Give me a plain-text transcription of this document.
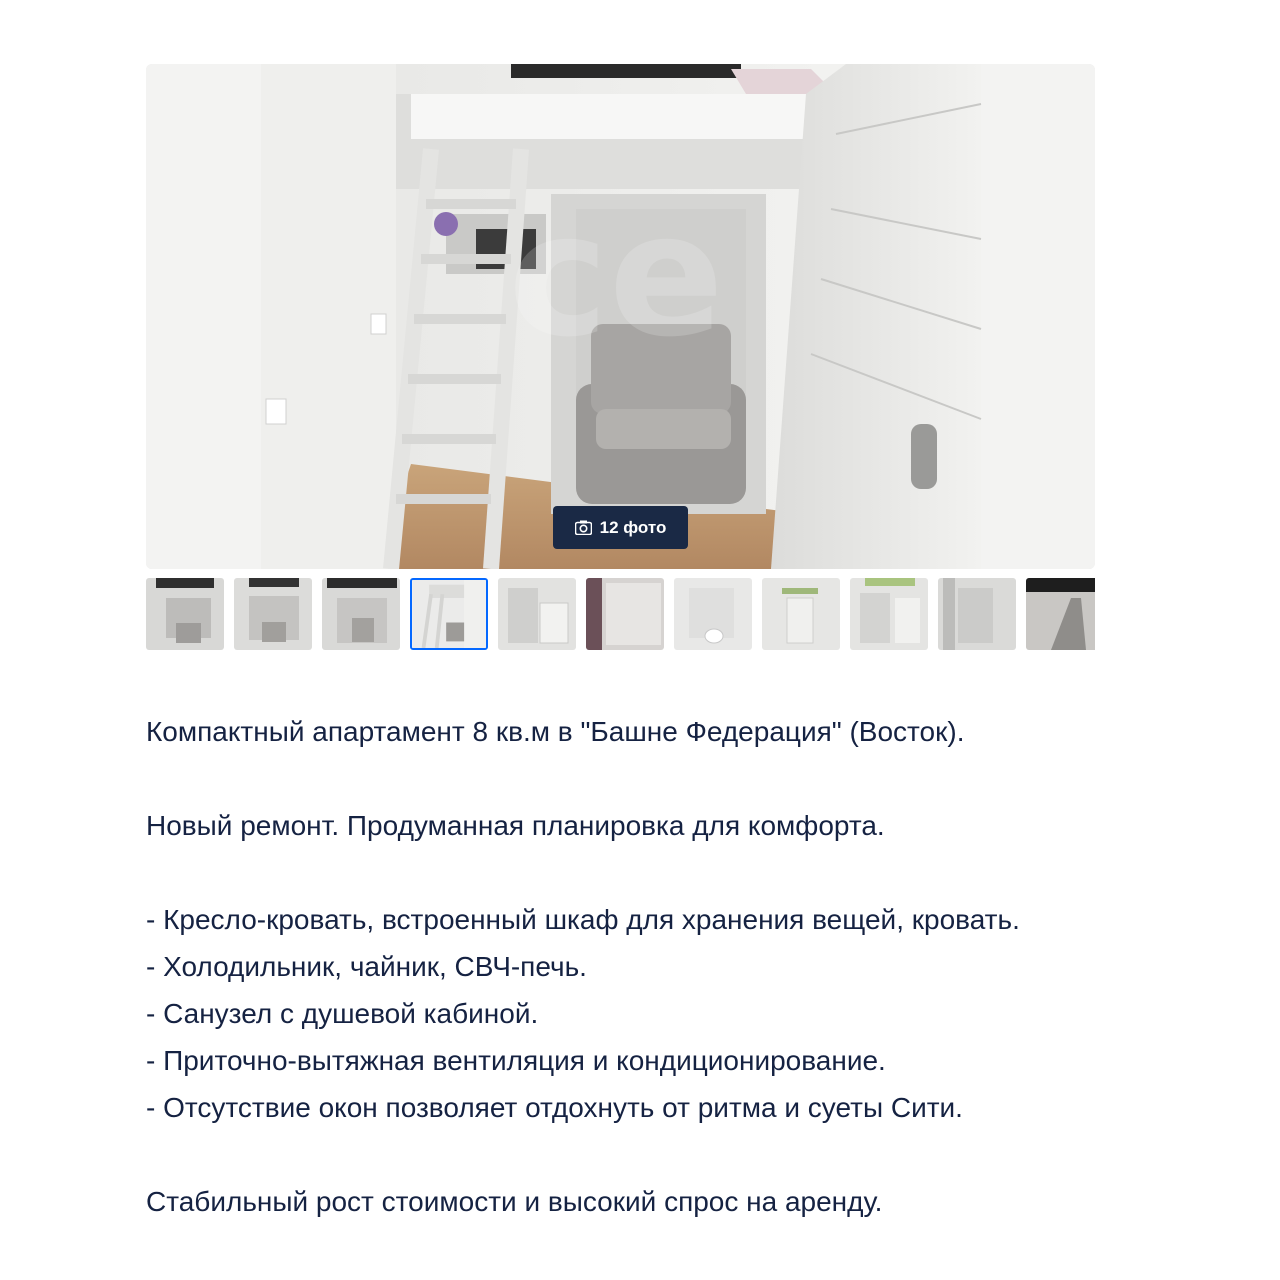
ce
12 фото

Компактный апартамент 8 кв.м в "Башне Федерация" (Восток).

Новый ремонт. Продуманная планировка для комфорта.

- Кресло-кровать, встроенный шкаф для хранения вещей, кровать.

- Холодильник, чайник, СВЧ-печь.

- Санузел с душевой кабиной.

- Приточно-вытяжная вентиляция и кондиционирование.

- Отсутствие окон позволяет отдохнуть от ритма и суеты Сити.

Стабильный рост стоимости и высокий спрос на аренду.
